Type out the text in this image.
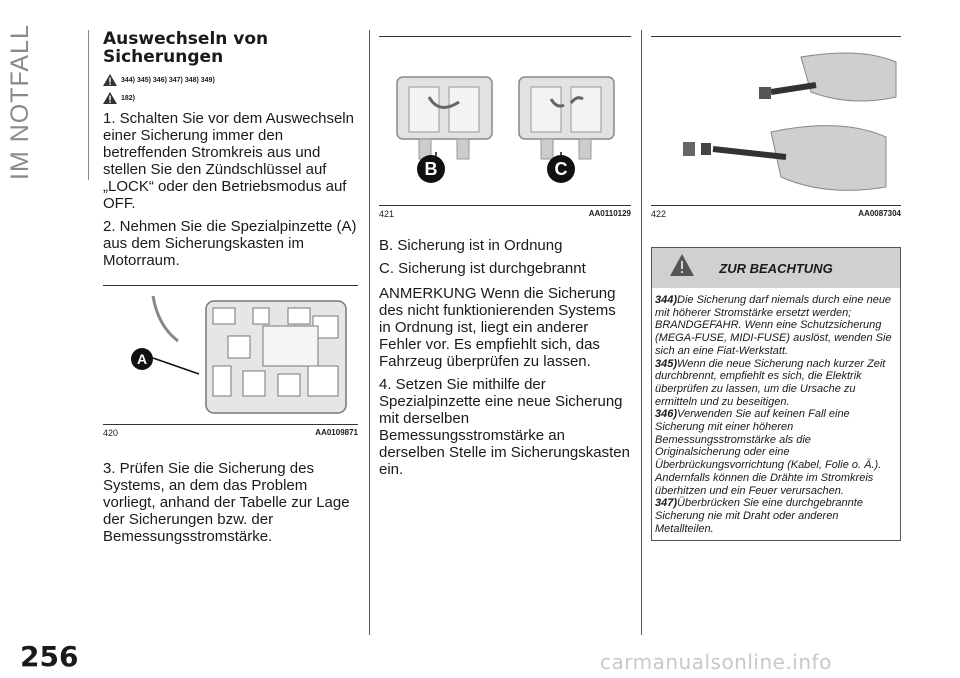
IM NOTFALL	Auswechseln von
Sicherungen
344) 345) 346) 347) 348) 349)
182)

1. Schalten Sie vor dem Auswechseln einer Sicherung immer den betreffenden Stromkreis aus und stellen Sie den Zündschlüssel auf „LOCK“ oder den Betriebsmodus auf OFF.

2. Nehmen Sie die Spezialpinzette (A) aus dem Sicherungskasten im Motorraum.

A
420	AA0109871

3. Prüfen Sie die Sicherung des Systems, an dem das Problem vorliegt, anhand der Tabelle zur Lage der Sicherungen bzw. der Bemessungsstromstärke.

B	C
421	AA0110129

B. Sicherung ist in Ordnung

C. Sicherung ist durchgebrannt

ANMERKUNG Wenn die Sicherung des nicht funktionierenden Systems in Ordnung ist, liegt ein anderer Fehler vor. Es empfiehlt sich, das Fahrzeug überprüfen zu lassen.

4. Setzen Sie mithilfe der Spezialpinzette eine neue Sicherung mit derselben Bemessungsstromstärke an derselben Stelle im Sicherungskasten ein.

422	AA0087304
ZUR BEACHTUNG

344)Die Sicherung darf niemals durch eine neue mit höherer Stromstärke ersetzt werden; BRANDGEFAHR. Wenn eine Schutzsicherung (MEGA-FUSE, MIDI-FUSE) auslöst, wenden Sie sich an eine Fiat-Werkstatt.

345)Wenn die neue Sicherung nach kurzer Zeit durchbrennt, empfiehlt es sich, die Elektrik überprüfen zu lassen, um die Ursache zu ermitteln und zu beseitigen.

346)Verwenden Sie auf keinen Fall eine Sicherung mit einer höheren Bemessungsstromstärke als die Originalsicherung oder eine Überbrückungsvorrichtung (Kabel, Folie o. Ä.). Andernfalls können die Drähte im Stromkreis überhitzen und ein Feuer verursachen.

347)Überbrücken Sie eine durchgebrannte Sicherung nie mit Draht oder anderen Metallteilen.

256	carmanualsonline.info
